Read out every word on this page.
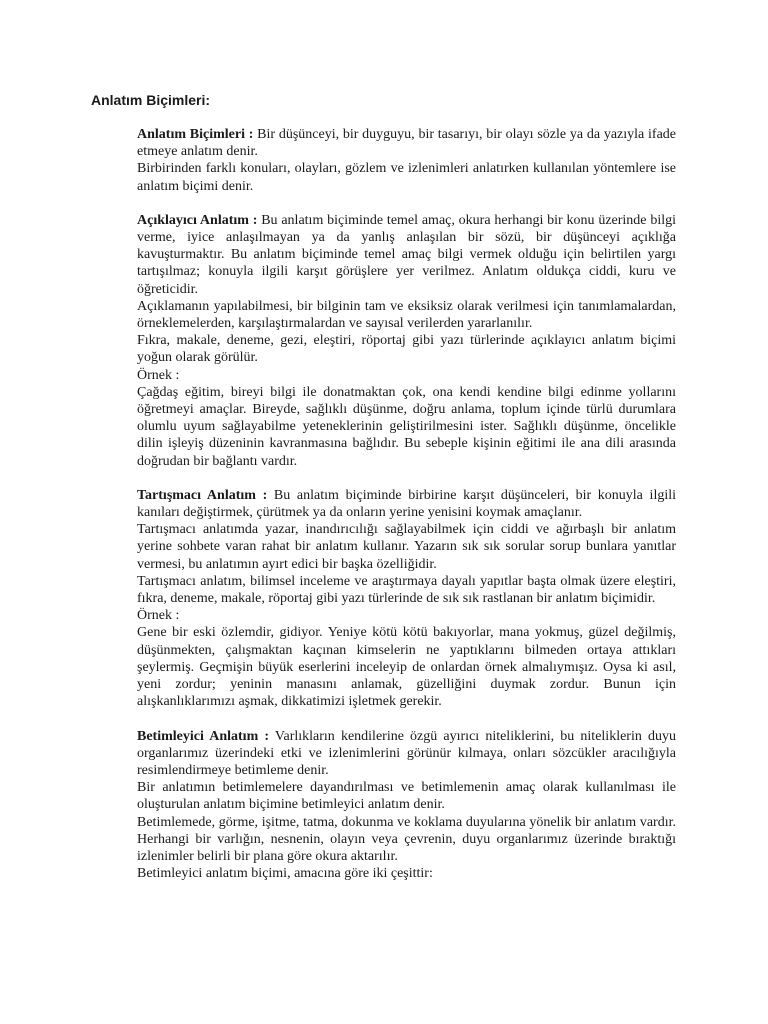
Anlatım Biçimleri:

Anlatım Biçimleri : Bir düşünceyi, bir duyguyu, bir tasarıyı, bir olayı sözle ya da yazıyla ifade etmeye anlatım denir.

Birbirinden farklı konuları, olayları, gözlem ve izlenimleri anlatırken kullanılan yöntemlere ise anlatım biçimi denir.

Açıklayıcı Anlatım : Bu anlatım biçiminde temel amaç, okura herhangi bir konu üzerinde bilgi verme, iyice anlaşılmayan ya da yanlış anlaşılan bir sözü, bir düşünceyi açıklığa kavuşturmaktır. Bu anlatım biçiminde temel amaç bilgi vermek olduğu için belirtilen yargı tartışılmaz; konuyla ilgili karşıt görüşlere yer verilmez. Anlatım oldukça ciddi, kuru ve öğreticidir.

Açıklamanın yapılabilmesi, bir bilginin tam ve eksiksiz olarak verilmesi için tanımlamalardan, örneklemelerden, karşılaştırmalardan ve sayısal verilerden yararlanılır.

Fıkra, makale, deneme, gezi, eleştiri, röportaj gibi yazı türlerinde açıklayıcı anlatım biçimi yoğun olarak görülür.

Örnek :

Çağdaş eğitim, bireyi bilgi ile donatmaktan çok, ona kendi kendine bilgi edinme yollarını öğretmeyi amaçlar. Bireyde, sağlıklı düşünme, doğru anlama, toplum içinde türlü durumlara olumlu uyum sağlayabilme yeteneklerinin geliştirilmesini ister. Sağlıklı düşünme, öncelikle dilin işleyiş düzeninin kavranmasına bağlıdır. Bu sebeple kişinin eğitimi ile ana dili arasında doğrudan bir bağlantı vardır.

Tartışmacı Anlatım : Bu anlatım biçiminde birbirine karşıt düşünceleri, bir konuyla ilgili kanıları değiştirmek, çürütmek ya da onların yerine yenisini koymak amaçlanır.

Tartışmacı anlatımda yazar, inandırıcılığı sağlayabilmek için ciddi ve ağırbaşlı bir anlatım yerine sohbete varan rahat bir anlatım kullanır. Yazarın sık sık sorular sorup bunlara yanıtlar vermesi, bu anlatımın ayırt edici bir başka özelliğidir.

Tartışmacı anlatım, bilimsel inceleme ve araştırmaya dayalı yapıtlar başta olmak üzere eleştiri, fıkra, deneme, makale, röportaj gibi yazı türlerinde de sık sık rastlanan bir anlatım biçimidir.

Örnek :

Gene bir eski özlemdir, gidiyor. Yeniye kötü kötü bakıyorlar, mana yokmuş, güzel değilmiş, düşünmekten, çalışmaktan kaçınan kimselerin ne yaptıklarını bilmeden ortaya attıkları şeylermiş. Geçmişin büyük eserlerini inceleyip de onlardan örnek almalıymışız. Oysa ki asıl, yeni zordur; yeninin manasını anlamak, güzelliğini duymak zordur. Bunun için alışkanlıklarımızı aşmak, dikkatimizi işletmek gerekir.

Betimleyici Anlatım : Varlıkların kendilerine özgü ayırıcı niteliklerini, bu niteliklerin duyu organlarımız üzerindeki etki ve izlenimlerini görünür kılmaya, onları sözcükler aracılığıyla resimlendirmeye betimleme denir.

Bir anlatımın betimlemelere dayandırılması ve betimlemenin amaç olarak kullanılması ile oluşturulan anlatım biçimine betimleyici anlatım denir.

Betimlemede, görme, işitme, tatma, dokunma ve koklama duyularına yönelik bir anlatım vardır. Herhangi bir varlığın, nesnenin, olayın veya çevrenin, duyu organlarımız üzerinde bıraktığı izlenimler belirli bir plana göre okura aktarılır.

Betimleyici anlatım biçimi, amacına göre iki çeşittir:
